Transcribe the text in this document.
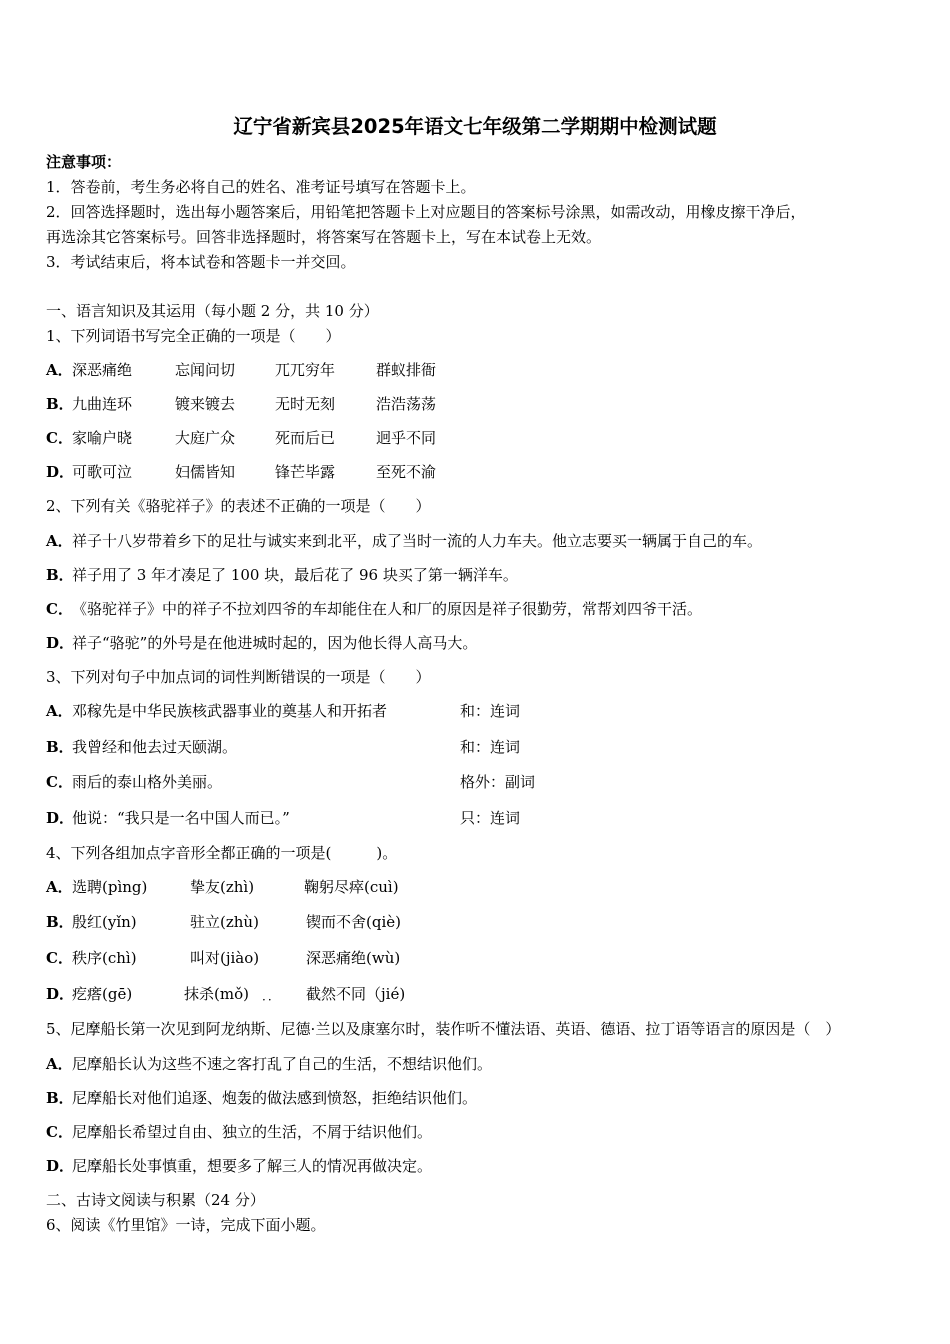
辽宁省新宾县2025年语文七年级第二学期期中检测试题
注意事项：
1．答卷前，考生务必将自己的姓名、准考证号填写在答题卡上。
2．回答选择题时，选出每小题答案后，用铅笔把答题卡上对应题目的答案标号涂黑，如需改动，用橡皮擦干净后，
再选涂其它答案标号。回答非选择题时，将答案写在答题卡上，写在本试卷上无效。
3．考试结束后，将本试卷和答题卡一并交回。
一、语言知识及其运用（每小题 2 分，共 10 分）
1、下列词语书写完全正确的一项是（　　）
A．深恶痛绝	忘闻问切	兀兀穷年	群蚁排衙
B．九曲连环	镀来镀去	无时无刻	浩浩荡荡
C．家喻户晓	大庭广众	死而后已	迥乎不同
D．可歌可泣	妇儒皆知	锋芒毕露	至死不渝
2、下列有关《骆驼祥子》的表述不正确的一项是（　　）
A．祥子十八岁带着乡下的足壮与诚实来到北平，成了当时一流的人力车夫。他立志要买一辆属于自己的车。
B．祥子用了 3 年才凑足了 100 块，最后花了 96 块买了第一辆洋车。
C．《骆驼祥子》中的祥子不拉刘四爷的车却能住在人和厂的原因是祥子很勤劳，常帮刘四爷干活。
D．祥子“骆驼”的外号是在他进城时起的，因为他长得人高马大。
3、下列对句子中加点词的词性判断错误的一项是（　　）
A．邓稼先是中华民族核武器事业的奠基人和开拓者	和：连词
B．我曾经和他去过天颐湖。	和：连词
C．雨后的泰山格外美丽。	格外：副词
D．他说：“我只是一名中国人而已。”	只：连词
4、下列各组加点字音形全都正确的一项是(　　　)。
A．选聘(pìng)	挚友(zhì)	鞠躬尽瘁(cuì)
B．殷红(yǐn)	驻立(zhù)	锲而不舍(qiè)
C．秩序(chì)	叫对(jiào)	深恶痛绝(wù)
D．疙瘩(gē)	抹杀(mǒ) ·· 截然不同（jié)
5、尼摩船长第一次见到阿龙纳斯、尼德·兰以及康塞尔时，装作听不懂法语、英语、德语、拉丁语等语言的原因是（　）
A．尼摩船长认为这些不速之客打乱了自己的生活，不想结识他们。
B．尼摩船长对他们追逐、炮轰的做法感到愤怒，拒绝结识他们。
C．尼摩船长希望过自由、独立的生活，不屑于结识他们。
D．尼摩船长处事慎重，想要多了解三人的情况再做决定。
二、古诗文阅读与积累（24 分）
6、阅读《竹里馆》一诗，完成下面小题。
